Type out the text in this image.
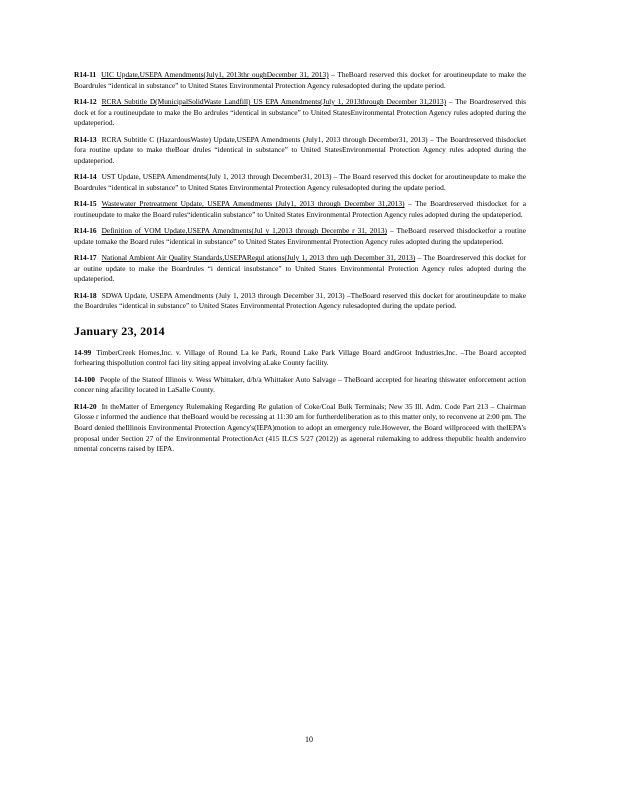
R14-11 UIC Update,USEPA Amendments(July1, 2013thr oughDecember 31, 2013) – TheBoard reserved this docket for aroutineupdate to make the Boardrules “identical in substance” to United States Environmental Protection Agency rulesadopted during the update period.
R14-12 RCRA Subtitle D(MunicipalSolidWaste Landfill) US EPA Amendments(July 1, 2013through December 31,2013) – The Boardreserved this dock et for a routineupdate to make the Bo ardrules “identical in substance” to United StatesEnvironmental Protection Agency rules adopted during the updateperiod.
R14-13 RCRA Subtitle C (HazardousWaste) Update,USEPA Amendments (July1, 2013 through December31, 2013) – The Boardreserved thisdocket fora routine update to make theBoar drules “identical in substance” to United StatesEnvironmental Protection Agency rules adopted during the updateperiod.
R14-14 UST Update, USEPA Amendments(July 1, 2013 through December31, 2013) – The Board reserved this docket for aroutineupdate to make the Boardrules “identical in substance” to United States Environmental Protection Agency rulesadopted during the update period.
R14-15 Wastewater Pretreatment Update, USEPA Amendments (July1, 2013 through December 31,2013) – The Boardreserved thisdocket for a routineupdate to make the Board rules“identicalin substance” to United States Environmental Protection Agency rules adopted during the updateperiod.
R14-16 Definition of VOM Update,USEPA Amendments(Jul y 1,2013 through Decembe r 31, 2013) – TheBoard reserved thisdocketfor a routine update tomake the Board rules “identical in substance” to United States Environmental Protection Agency rules adopted during the updateperiod.
R14-17 National Ambient Air Quality Standards,USEPARegul ations(July 1, 2013 thro ugh December 31, 2013) – The Boardreserved this docket for ar outine update to make the Boardrules “i dentical insubstance” to United States Environmental Protection Agency rules adopted during the updateperiod.
R14-18 SDWA Update, USEPA Amendments (July 1, 2013 through December 31, 2013) –TheBoard reserved this docket for aroutineupdate to make the Boardrules “identical in substance” to United States Environmental Protection Agency rulesadopted during the update period.
January 23, 2014
14-99 TimberCreek Homes,Inc. v. Village of Round La ke Park, Round Lake Park Village Board andGroot Industries,Inc. –The Board accepted forhearing thispollution control faci lity siting appeal involving aLake County facility.
14-100 People of the Stateof Illinois v. Wess Whittaker, d/b/a Whittaker Auto Salvage – TheBoard accepted for hearing thiswater enforcement action concer ning afacility located in LaSalle County.
R14-20 In theMatter of Emergency Rulemaking Regarding Re gulation of Coke/Coal Bulk Terminals; New 35 Ill. Adm. Code Part 213 – Chairman Glosse r informed the audience that theBoard would be recessing at 11:30 am for furtherdeliberation as to this matter only, to reconvene at 2:00 pm. The Board denied theIllinois Environmental Protection Agency's(IEPA)motion to adopt an emergency rule.However, the Board willproceed with theIEPA's proposal under Section 27 of the Environmental ProtectionAct (415 ILCS 5/27 (2012)) as ageneral rulemaking to address thepublic health andenviro nmental concerns raised by IEPA.
10
